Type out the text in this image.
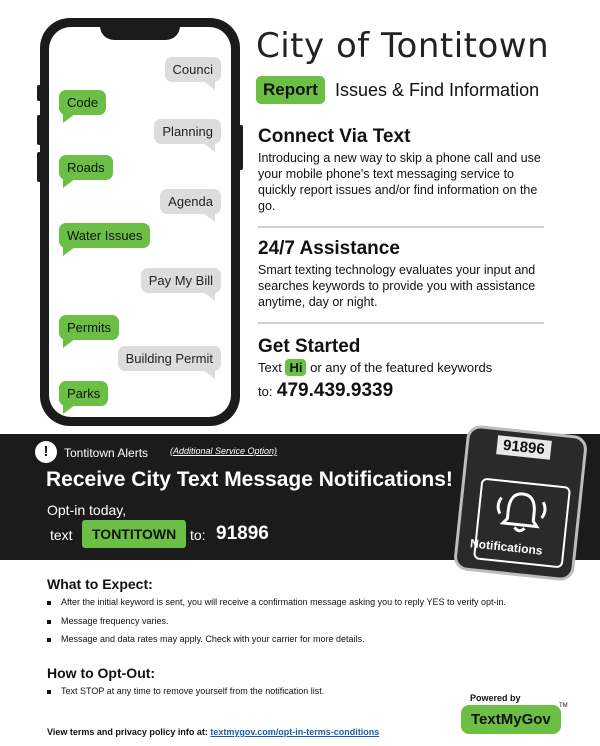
Counci
Code
Planning
Roads
Agenda
Water Issues
Pay My Bill
Permits
Building Permit
Parks
City of Tontitown
Report Issues & Find Information
Connect Via Text
Introducing a new way to skip a phone call and use your mobile phone's text messaging service to quickly report issues and/or find information on the go.
24/7 Assistance
Smart texting technology evaluates your input and searches keywords to provide you with assistance anytime, day or night.
Get Started
Text Hi or any of the featured keywords
to: 479.439.9339
!	Tontitown Alerts (Additional Service Option)
Receive City Text Message Notifications!
Opt-in today,
text	TONTITOWN to: 91896
91896
Notifications
What to Expect:
After the initial keyword is sent, you will receive a confirmation message asking you to reply YES to verify opt-in.
Message frequency varies.
Message and data rates may apply. Check with your carrier for more details.
How to Opt-Out:
Text STOP at any time to remove yourself from the notification list.
View terms and privacy policy info at: textmygov.com/opt-in-terms-conditions
Powered by
TextMyGov
TM
